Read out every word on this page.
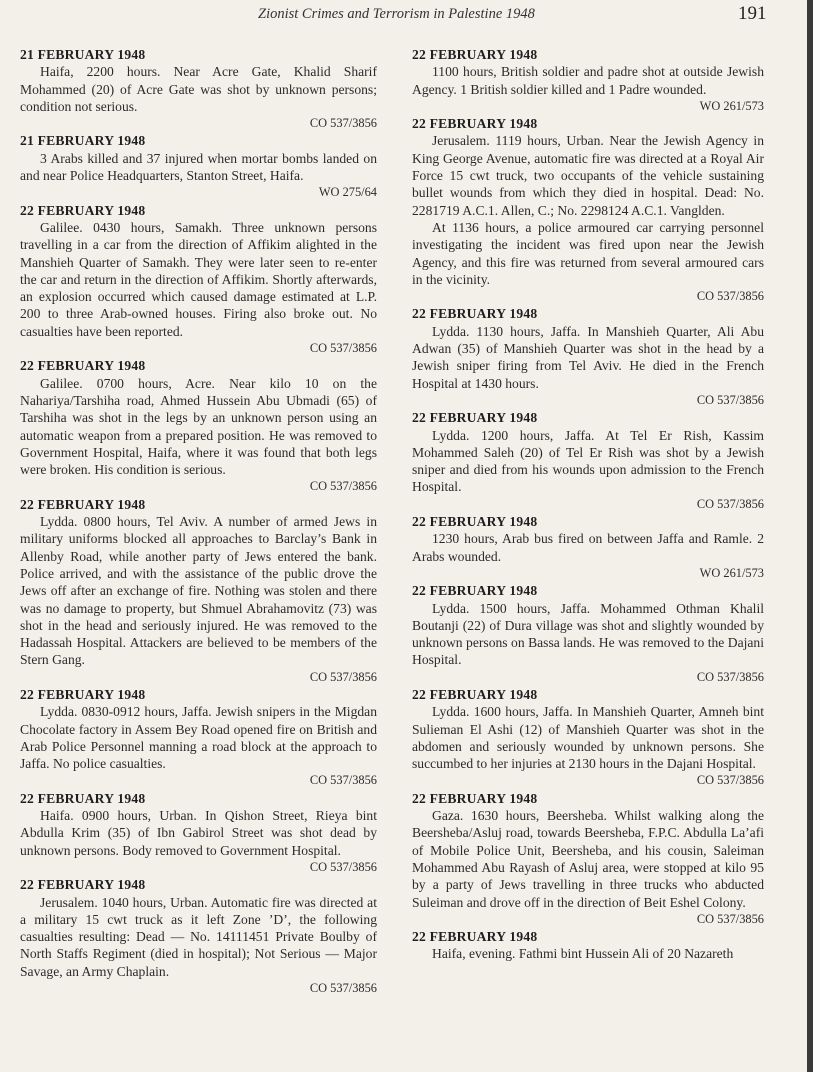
Zionist Crimes and Terrorism in Palestine 1948	191
21 FEBRUARY 1948

Haifa, 2200 hours. Near Acre Gate, Khalid Sharif Mohammed (20) of Acre Gate was shot by unknown persons; condition not serious.

CO 537/3856
21 FEBRUARY 1948

3 Arabs killed and 37 injured when mortar bombs landed on and near Police Headquarters, Stanton Street, Haifa.

WO 275/64
22 FEBRUARY 1948

Galilee. 0430 hours, Samakh. Three unknown persons travelling in a car from the direction of Affikim alighted in the Manshieh Quarter of Samakh. They were later seen to re-enter the car and return in the direction of Affikim. Shortly afterwards, an explosion occurred which caused damage estimated at L.P. 200 to three Arab-owned houses. Firing also broke out. No casualties have been reported.

CO 537/3856
22 FEBRUARY 1948

Galilee. 0700 hours, Acre. Near kilo 10 on the Nahariya/Tarshiha road, Ahmed Hussein Abu Ubmadi (65) of Tarshiha was shot in the legs by an unknown person using an automatic weapon from a prepared position. He was removed to Government Hospital, Haifa, where it was found that both legs were broken. His condition is serious.

CO 537/3856
22 FEBRUARY 1948

Lydda. 0800 hours, Tel Aviv. A number of armed Jews in military uniforms blocked all approaches to Barclay’s Bank in Allenby Road, while another party of Jews entered the bank. Police arrived, and with the assistance of the public drove the Jews off after an exchange of fire. Nothing was stolen and there was no damage to property, but Shmuel Abrahamovitz (73) was shot in the head and seriously injured. He was removed to the Hadassah Hospital. Attackers are believed to be members of the Stern Gang.

CO 537/3856
22 FEBRUARY 1948

Lydda. 0830-0912 hours, Jaffa. Jewish snipers in the Migdan Chocolate factory in Assem Bey Road opened fire on British and Arab Police Personnel manning a road block at the approach to Jaffa. No police casualties.

CO 537/3856
22 FEBRUARY 1948

Haifa. 0900 hours, Urban. In Qishon Street, Rieya bint Abdulla Krim (35) of Ibn Gabirol Street was shot dead by unknown persons. Body removed to Government Hospital.

CO 537/3856
22 FEBRUARY 1948

Jerusalem. 1040 hours, Urban. Automatic fire was directed at a military 15 cwt truck as it left Zone ’D’, the following casualties resulting: Dead — No. 14111451 Private Boulby of North Staffs Regiment (died in hospital); Not Serious — Major Savage, an Army Chaplain.

CO 537/3856
22 FEBRUARY 1948

1100 hours, British soldier and padre shot at outside Jewish Agency. 1 British soldier killed and 1 Padre wounded.

WO 261/573
22 FEBRUARY 1948

Jerusalem. 1119 hours, Urban. Near the Jewish Agency in King George Avenue, automatic fire was directed at a Royal Air Force 15 cwt truck, two occupants of the vehicle sustaining bullet wounds from which they died in hospital. Dead: No. 2281719 A.C.1. Allen, C.; No. 2298124 A.C.1. Vanglden.
At 1136 hours, a police armoured car carrying personnel investigating the incident was fired upon near the Jewish Agency, and this fire was returned from several armoured cars in the vicinity.

CO 537/3856
22 FEBRUARY 1948

Lydda. 1130 hours, Jaffa. In Manshieh Quarter, Ali Abu Adwan (35) of Manshieh Quarter was shot in the head by a Jewish sniper firing from Tel Aviv. He died in the French Hospital at 1430 hours.

CO 537/3856
22 FEBRUARY 1948

Lydda. 1200 hours, Jaffa. At Tel Er Rish, Kassim Mohammed Saleh (20) of Tel Er Rish was shot by a Jewish sniper and died from his wounds upon admission to the French Hospital.

CO 537/3856
22 FEBRUARY 1948

1230 hours, Arab bus fired on between Jaffa and Ramle. 2 Arabs wounded.

WO 261/573
22 FEBRUARY 1948

Lydda. 1500 hours, Jaffa. Mohammed Othman Khalil Boutanji (22) of Dura village was shot and slightly wounded by unknown persons on Bassa lands. He was removed to the Dajani Hospital.

CO 537/3856
22 FEBRUARY 1948

Lydda. 1600 hours, Jaffa. In Manshieh Quarter, Amneh bint Sulieman El Ashi (12) of Manshieh Quarter was shot in the abdomen and seriously wounded by unknown persons. She succumbed to her injuries at 2130 hours in the Dajani Hospital.

CO 537/3856
22 FEBRUARY 1948

Gaza. 1630 hours, Beersheba. Whilst walking along the Beersheba/Asluj road, towards Beersheba, F.P.C. Abdulla La’afi of Mobile Police Unit, Beersheba, and his cousin, Saleiman Mohammed Abu Rayash of Asluj area, were stopped at kilo 95 by a party of Jews travelling in three trucks who abducted Suleiman and drove off in the direction of Beit Eshel Colony.

CO 537/3856
22 FEBRUARY 1948

Haifa, evening. Fathmi bint Hussein Ali of 20 Nazareth
